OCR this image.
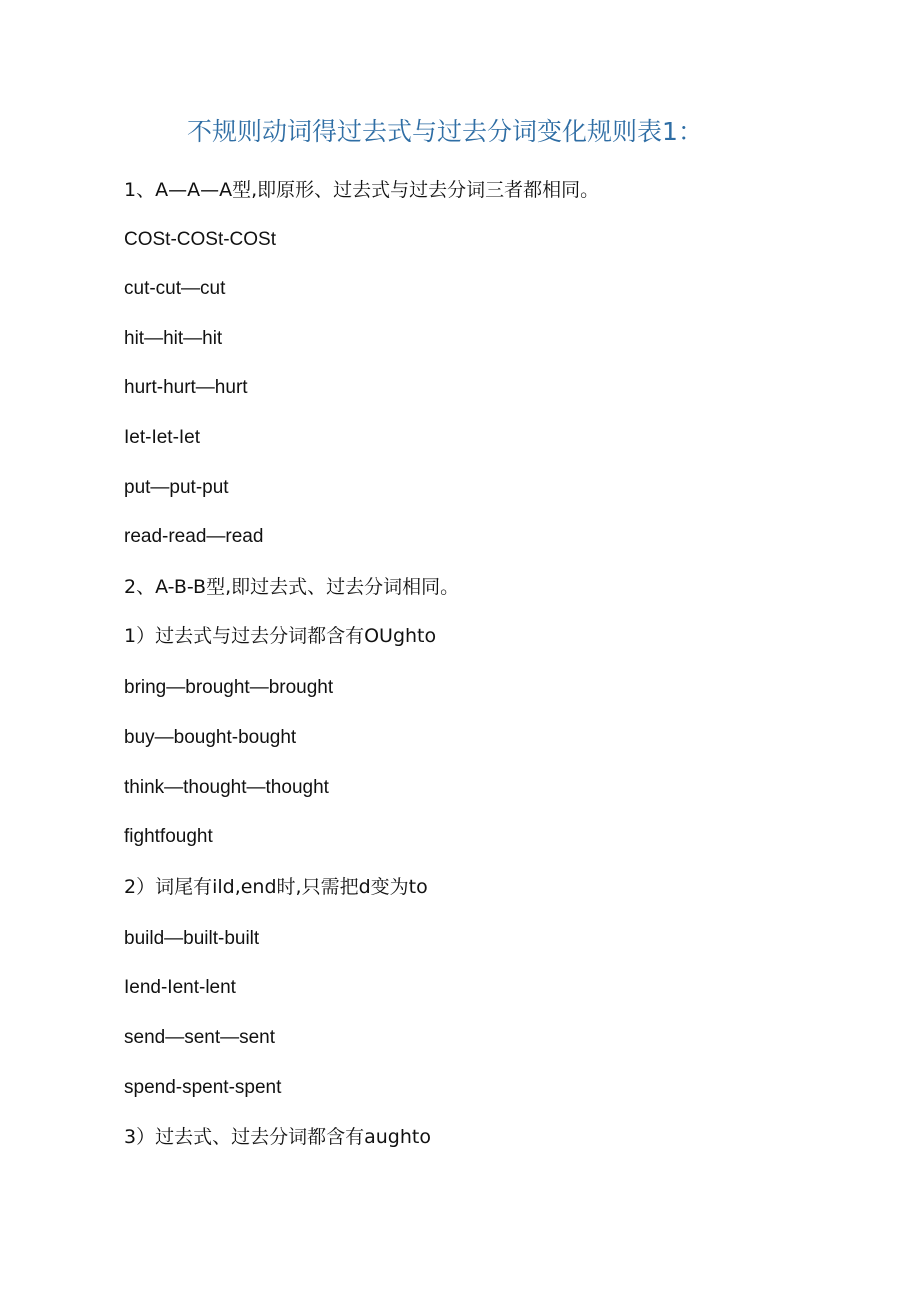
不规则动词得过去式与过去分词变化规则表1：
1、A—A—A型,即原形、过去式与过去分词三者都相同。
COSt-COSt-COSt
cut-cut—cut
hit—hit—hit
hurt-hurt—hurt
Iet-Iet-Iet
put—put-put
read-read—read
2、A-B-B型,即过去式、过去分词相同。
1）过去式与过去分词都含有OUghto
bring—brought—brought
buy—bought-bought
think—thought—thought
fightfought
2）词尾有ild,end时,只需把d变为to
build—built-built
Iend-Ient-lent
send—sent—sent
spend-spent-spent
3）过去式、过去分词都含有aughto
